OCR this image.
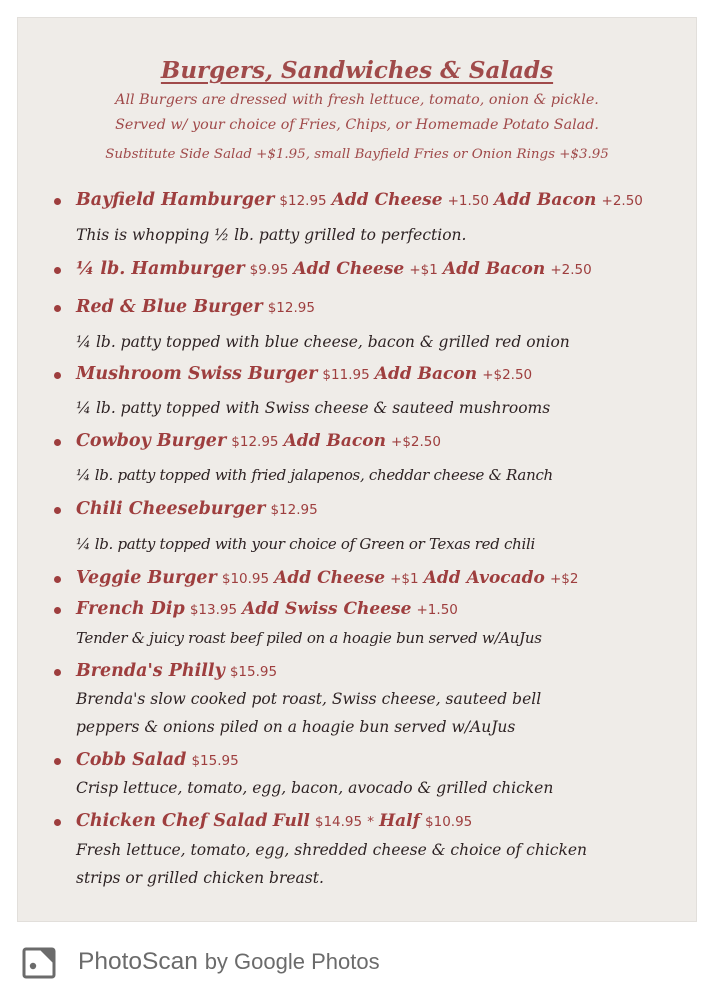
Burgers, Sandwiches & Salads
All Burgers are dressed with fresh lettuce, tomato, onion & pickle.
Served w/ your choice of Fries, Chips, or Homemade Potato Salad.
Substitute Side Salad +$1.95, small Bayfield Fries or Onion Rings +$3.95
Bayfield Hamburger $12.95 Add Cheese +1.50 Add Bacon +2.50
This is whopping ½ lb. patty grilled to perfection.
¼ lb. Hamburger $9.95 Add Cheese +$1 Add Bacon +2.50
Red & Blue Burger $12.95
¼ lb. patty topped with blue cheese, bacon & grilled red onion
Mushroom Swiss Burger $11.95 Add Bacon +$2.50
¼ lb. patty topped with Swiss cheese & sauteed mushrooms
Cowboy Burger $12.95 Add Bacon +$2.50
¼ lb. patty topped with fried jalapenos, cheddar cheese & Ranch
Chili Cheeseburger $12.95
¼ lb. patty topped with your choice of Green or Texas red chili
Veggie Burger $10.95 Add Cheese +$1 Add Avocado +$2
French Dip $13.95 Add Swiss Cheese +1.50
Tender & juicy roast beef piled on a hoagie bun served w/AuJus
Brenda's Philly $15.95
Brenda's slow cooked pot roast, Swiss cheese, sauteed bell
peppers & onions piled on a hoagie bun served w/AuJus
Cobb Salad $15.95
Crisp lettuce, tomato, egg, bacon, avocado & grilled chicken
Chicken Chef Salad Full $14.95 * Half $10.95
Fresh lettuce, tomato, egg, shredded cheese & choice of chicken
strips or grilled chicken breast.
PhotoScan by Google Photos
